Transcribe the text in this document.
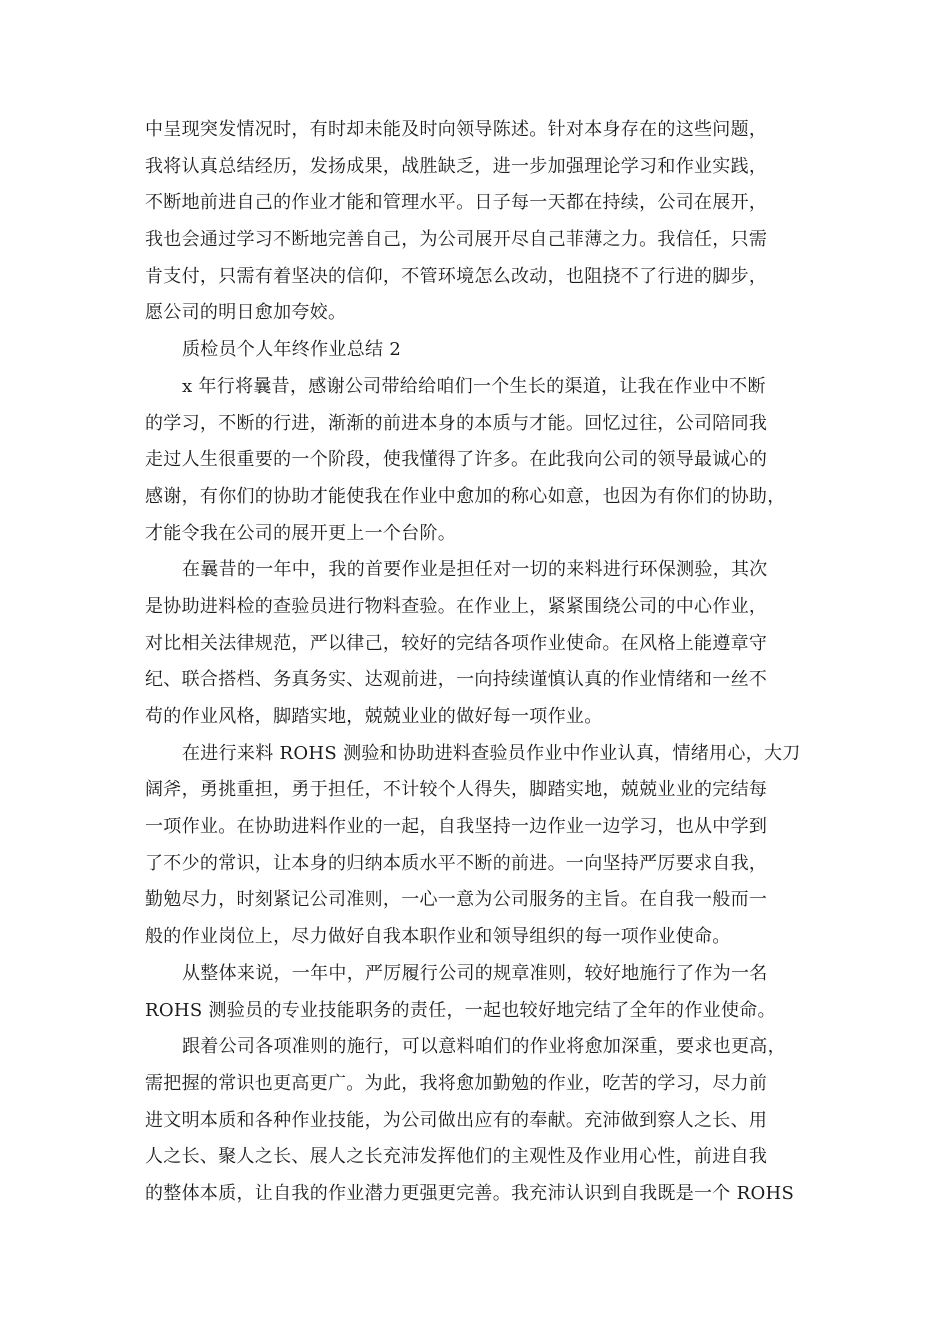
中呈现突发情况时，有时却未能及时向领导陈述。针对本身存在的这些问题，
我将认真总结经历，发扬成果，战胜缺乏，进一步加强理论学习和作业实践，
不断地前进自己的作业才能和管理水平。日子每一天都在持续，公司在展开，
我也会通过学习不断地完善自己，为公司展开尽自己菲薄之力。我信任，只需
肯支付，只需有着坚决的信仰，不管环境怎么改动，也阻挠不了行进的脚步，
愿公司的明日愈加夸姣。
质检员个人年终作业总结 2
x 年行将曩昔，感谢公司带给给咱们一个生长的渠道，让我在作业中不断
的学习，不断的行进，渐渐的前进本身的本质与才能。回忆过往，公司陪同我
走过人生很重要的一个阶段，使我懂得了许多。在此我向公司的领导最诚心的
感谢，有你们的协助才能使我在作业中愈加的称心如意，也因为有你们的协助，
才能令我在公司的展开更上一个台阶。
在曩昔的一年中，我的首要作业是担任对一切的来料进行环保测验，其次
是协助进料检的查验员进行物料查验。在作业上，紧紧围绕公司的中心作业，
对比相关法律规范，严以律己，较好的完结各项作业使命。在风格上能遵章守
纪、联合搭档、务真务实、达观前进，一向持续谨慎认真的作业情绪和一丝不
苟的作业风格，脚踏实地，兢兢业业的做好每一项作业。
在进行来料 ROHS 测验和协助进料查验员作业中作业认真，情绪用心，大刀
阔斧，勇挑重担，勇于担任，不计较个人得失，脚踏实地，兢兢业业的完结每
一项作业。在协助进料作业的一起，自我坚持一边作业一边学习，也从中学到
了不少的常识，让本身的归纳本质水平不断的前进。一向坚持严厉要求自我，
勤勉尽力，时刻紧记公司准则，一心一意为公司服务的主旨。在自我一般而一
般的作业岗位上，尽力做好自我本职作业和领导组织的每一项作业使命。
从整体来说，一年中，严厉履行公司的规章准则，较好地施行了作为一名
ROHS 测验员的专业技能职务的责任，一起也较好地完结了全年的作业使命。
跟着公司各项准则的施行，可以意料咱们的作业将愈加深重，要求也更高，
需把握的常识也更高更广。为此，我将愈加勤勉的作业，吃苦的学习，尽力前
进文明本质和各种作业技能，为公司做出应有的奉献。充沛做到察人之长、用
人之长、聚人之长、展人之长充沛发挥他们的主观性及作业用心性，前进自我
的整体本质，让自我的作业潜力更强更完善。我充沛认识到自我既是一个 ROHS
